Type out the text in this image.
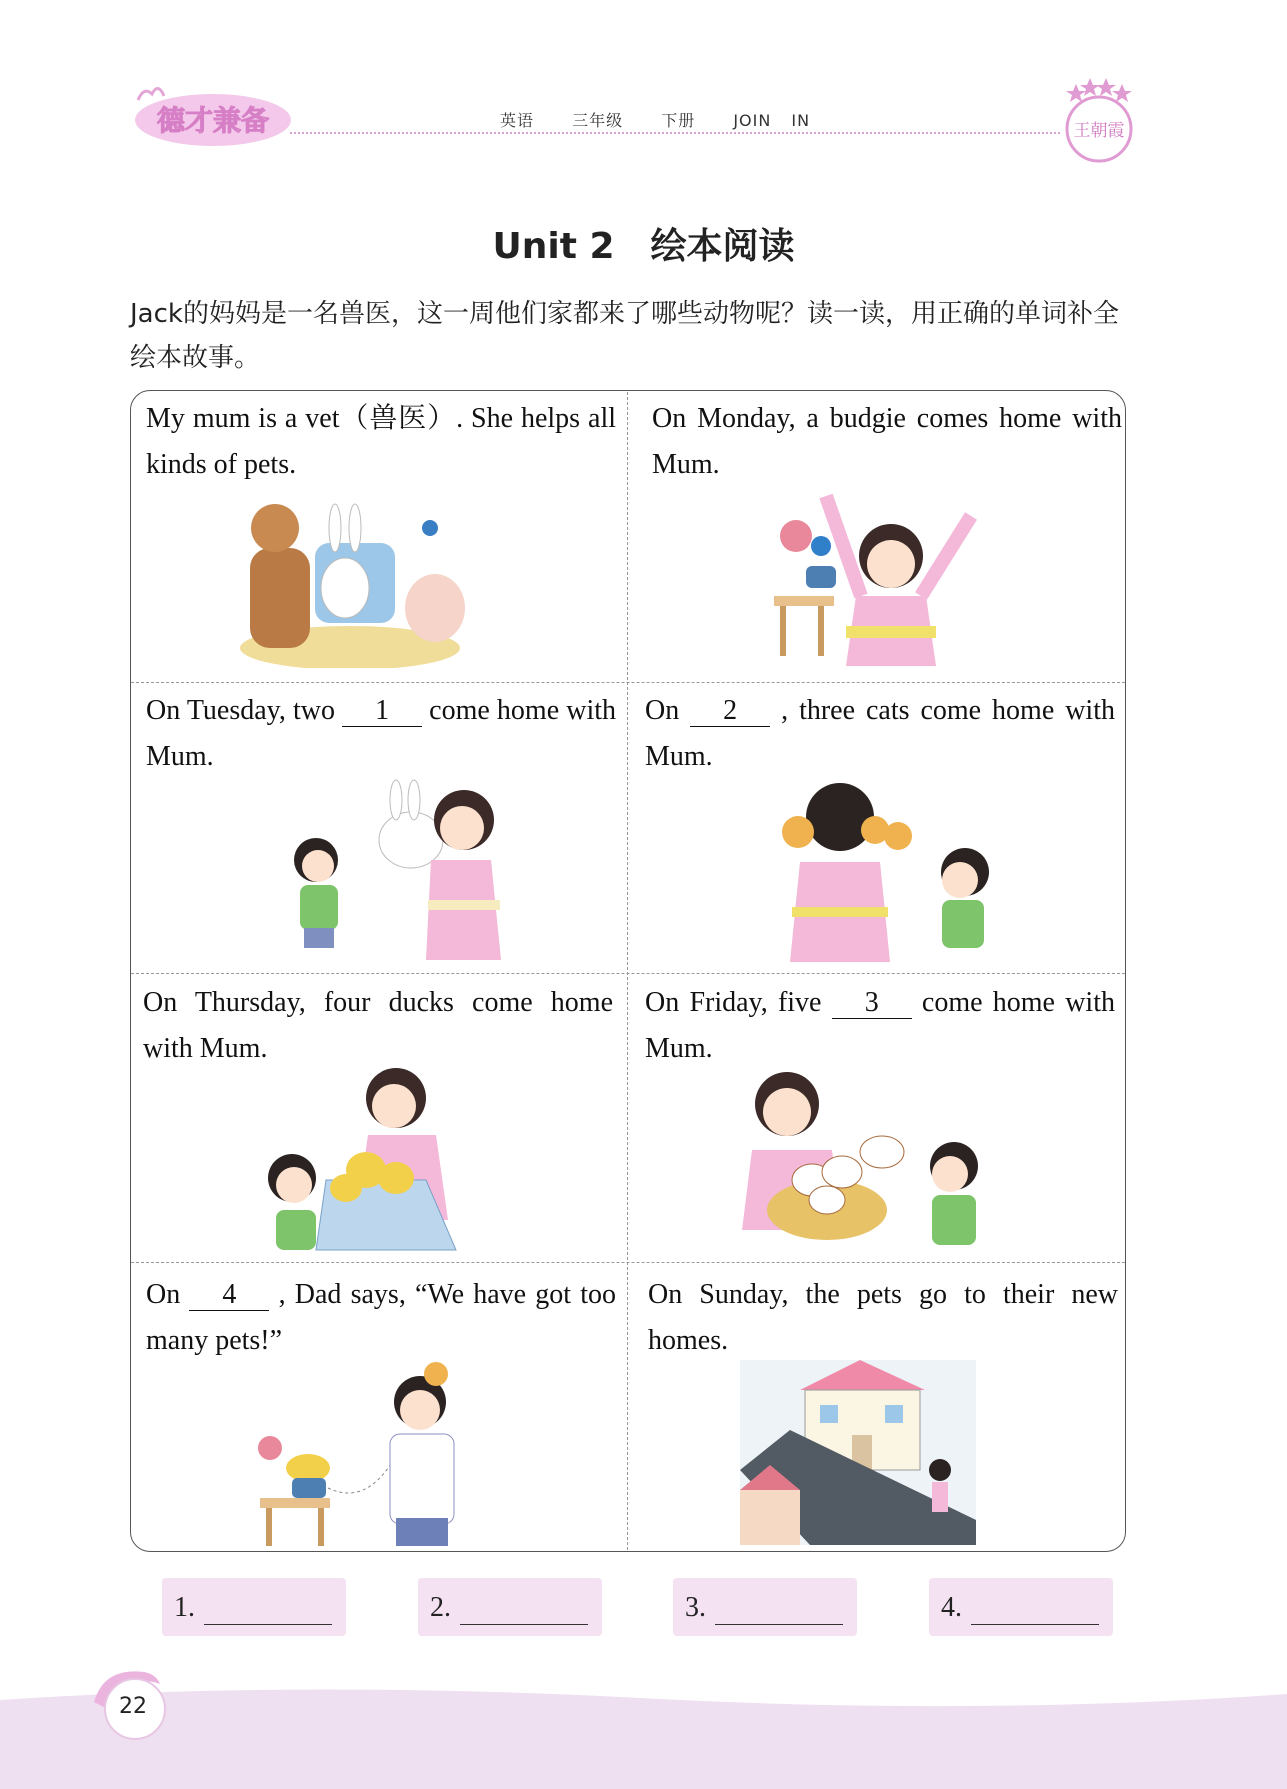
德才兼备	英语 三年级 下册 JOIN IN
王朝霞
Unit 2　绘本阅读
Jack的妈妈是一名兽医，这一周他们家都来了哪些动物呢？读一读，用正确的单词补全绘本故事。
My mum is a vet（兽医）. She helps all kinds of pets.
On Monday, a budgie comes home with Mum.
On Tuesday, two 1 come home with Mum.
On 2 , three cats come home with Mum.
On Thursday, four ducks come home with Mum.
On Friday, five 3 come home with Mum.
On 4 , Dad says, “We have got too many pets!”
On Sunday, the pets go to their new homes.
1.	2.	3.	4.
22
